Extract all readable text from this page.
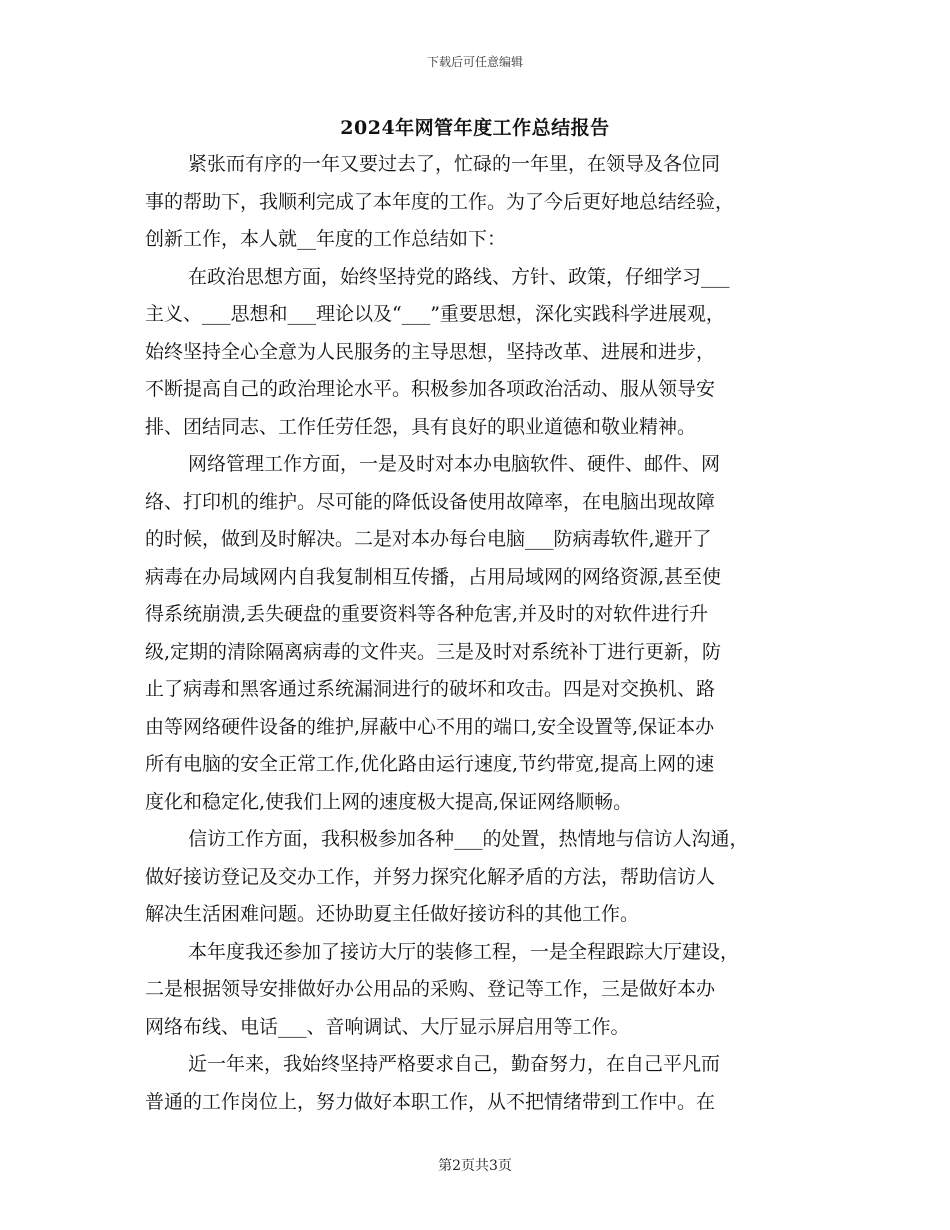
下载后可任意编辑
2024年网管年度工作总结报告
紧张而有序的一年又要过去了，忙碌的一年里，在领导及各位同
事的帮助下，我顺利完成了本年度的工作。为了今后更好地总结经验，
创新工作，本人就__年度的工作总结如下：
在政治思想方面，始终坚持党的路线、方针、政策，仔细学习___
主义、___思想和___理论以及“___”重要思想，深化实践科学进展观，
始终坚持全心全意为人民服务的主导思想，坚持改革、进展和进步，
不断提高自己的政治理论水平。积极参加各项政治活动、服从领导安
排、团结同志、工作任劳任怨，具有良好的职业道德和敬业精神。
网络管理工作方面，一是及时对本办电脑软件、硬件、邮件、网
络、打印机的维护。尽可能的降低设备使用故障率，在电脑出现故障
的时候，做到及时解决。二是对本办每台电脑___防病毒软件,避开了
病毒在办局域网内自我复制相互传播，占用局域网的网络资源,甚至使
得系统崩溃,丢失硬盘的重要资料等各种危害,并及时的对软件进行升
级,定期的清除隔离病毒的文件夹。三是及时对系统补丁进行更新，防
止了病毒和黑客通过系统漏洞进行的破坏和攻击。四是对交换机、路
由等网络硬件设备的维护,屏蔽中心不用的端口,安全设置等,保证本办
所有电脑的安全正常工作,优化路由运行速度,节约带宽,提高上网的速
度化和稳定化,使我们上网的速度极大提高,保证网络顺畅。
信访工作方面，我积极参加各种___的处置，热情地与信访人沟通，
做好接访登记及交办工作，并努力探究化解矛盾的方法，帮助信访人
解决生活困难问题。还协助夏主任做好接访科的其他工作。
本年度我还参加了接访大厅的装修工程，一是全程跟踪大厅建设，
二是根据领导安排做好办公用品的采购、登记等工作，三是做好本办
网络布线、电话___、音响调试、大厅显示屏启用等工作。
近一年来，我始终坚持严格要求自己，勤奋努力，在自己平凡而
普通的工作岗位上，努力做好本职工作，从不把情绪带到工作中。在
第2页共3页
